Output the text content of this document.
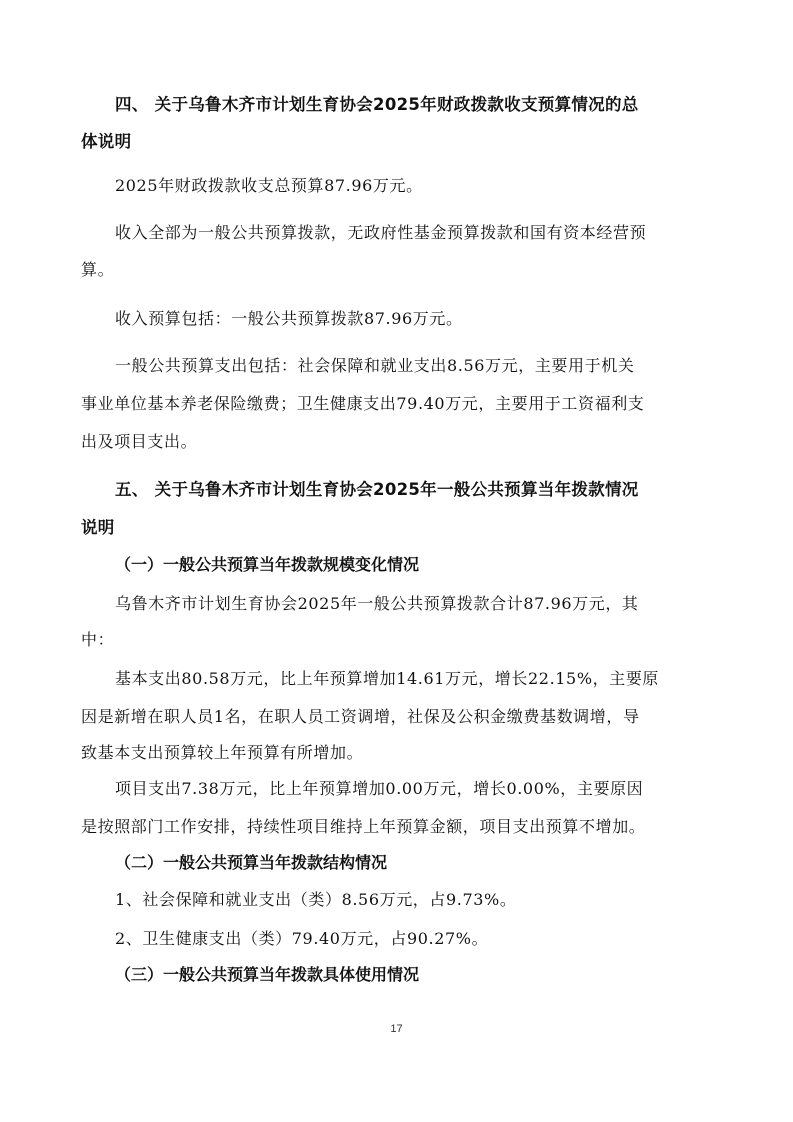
四、 关于乌鲁木齐市计划生育协会2025年财政拨款收支预算情况的总

体说明

2025年财政拨款收支总预算87.96万元。

收入全部为一般公共预算拨款，无政府性基金预算拨款和国有资本经营预

算。

收入预算包括：一般公共预算拨款87.96万元。

一般公共预算支出包括：社会保障和就业支出8.56万元，主要用于机关

事业单位基本养老保险缴费；卫生健康支出79.40万元，主要用于工资福利支

出及项目支出。

五、 关于乌鲁木齐市计划生育协会2025年一般公共预算当年拨款情况

说明

（一）一般公共预算当年拨款规模变化情况

乌鲁木齐市计划生育协会2025年一般公共预算拨款合计87.96万元，其

中：

基本支出80.58万元，比上年预算增加14.61万元，增长22.15%，主要原

因是新增在职人员1名，在职人员工资调增，社保及公积金缴费基数调增，导

致基本支出预算较上年预算有所增加。

项目支出7.38万元，比上年预算增加0.00万元，增长0.00%，主要原因

是按照部门工作安排，持续性项目维持上年预算金额，项目支出预算不增加。

（二）一般公共预算当年拨款结构情况

1、社会保障和就业支出（类）8.56万元，占9.73%。

2、卫生健康支出（类）79.40万元，占90.27%。

（三）一般公共预算当年拨款具体使用情况

17
